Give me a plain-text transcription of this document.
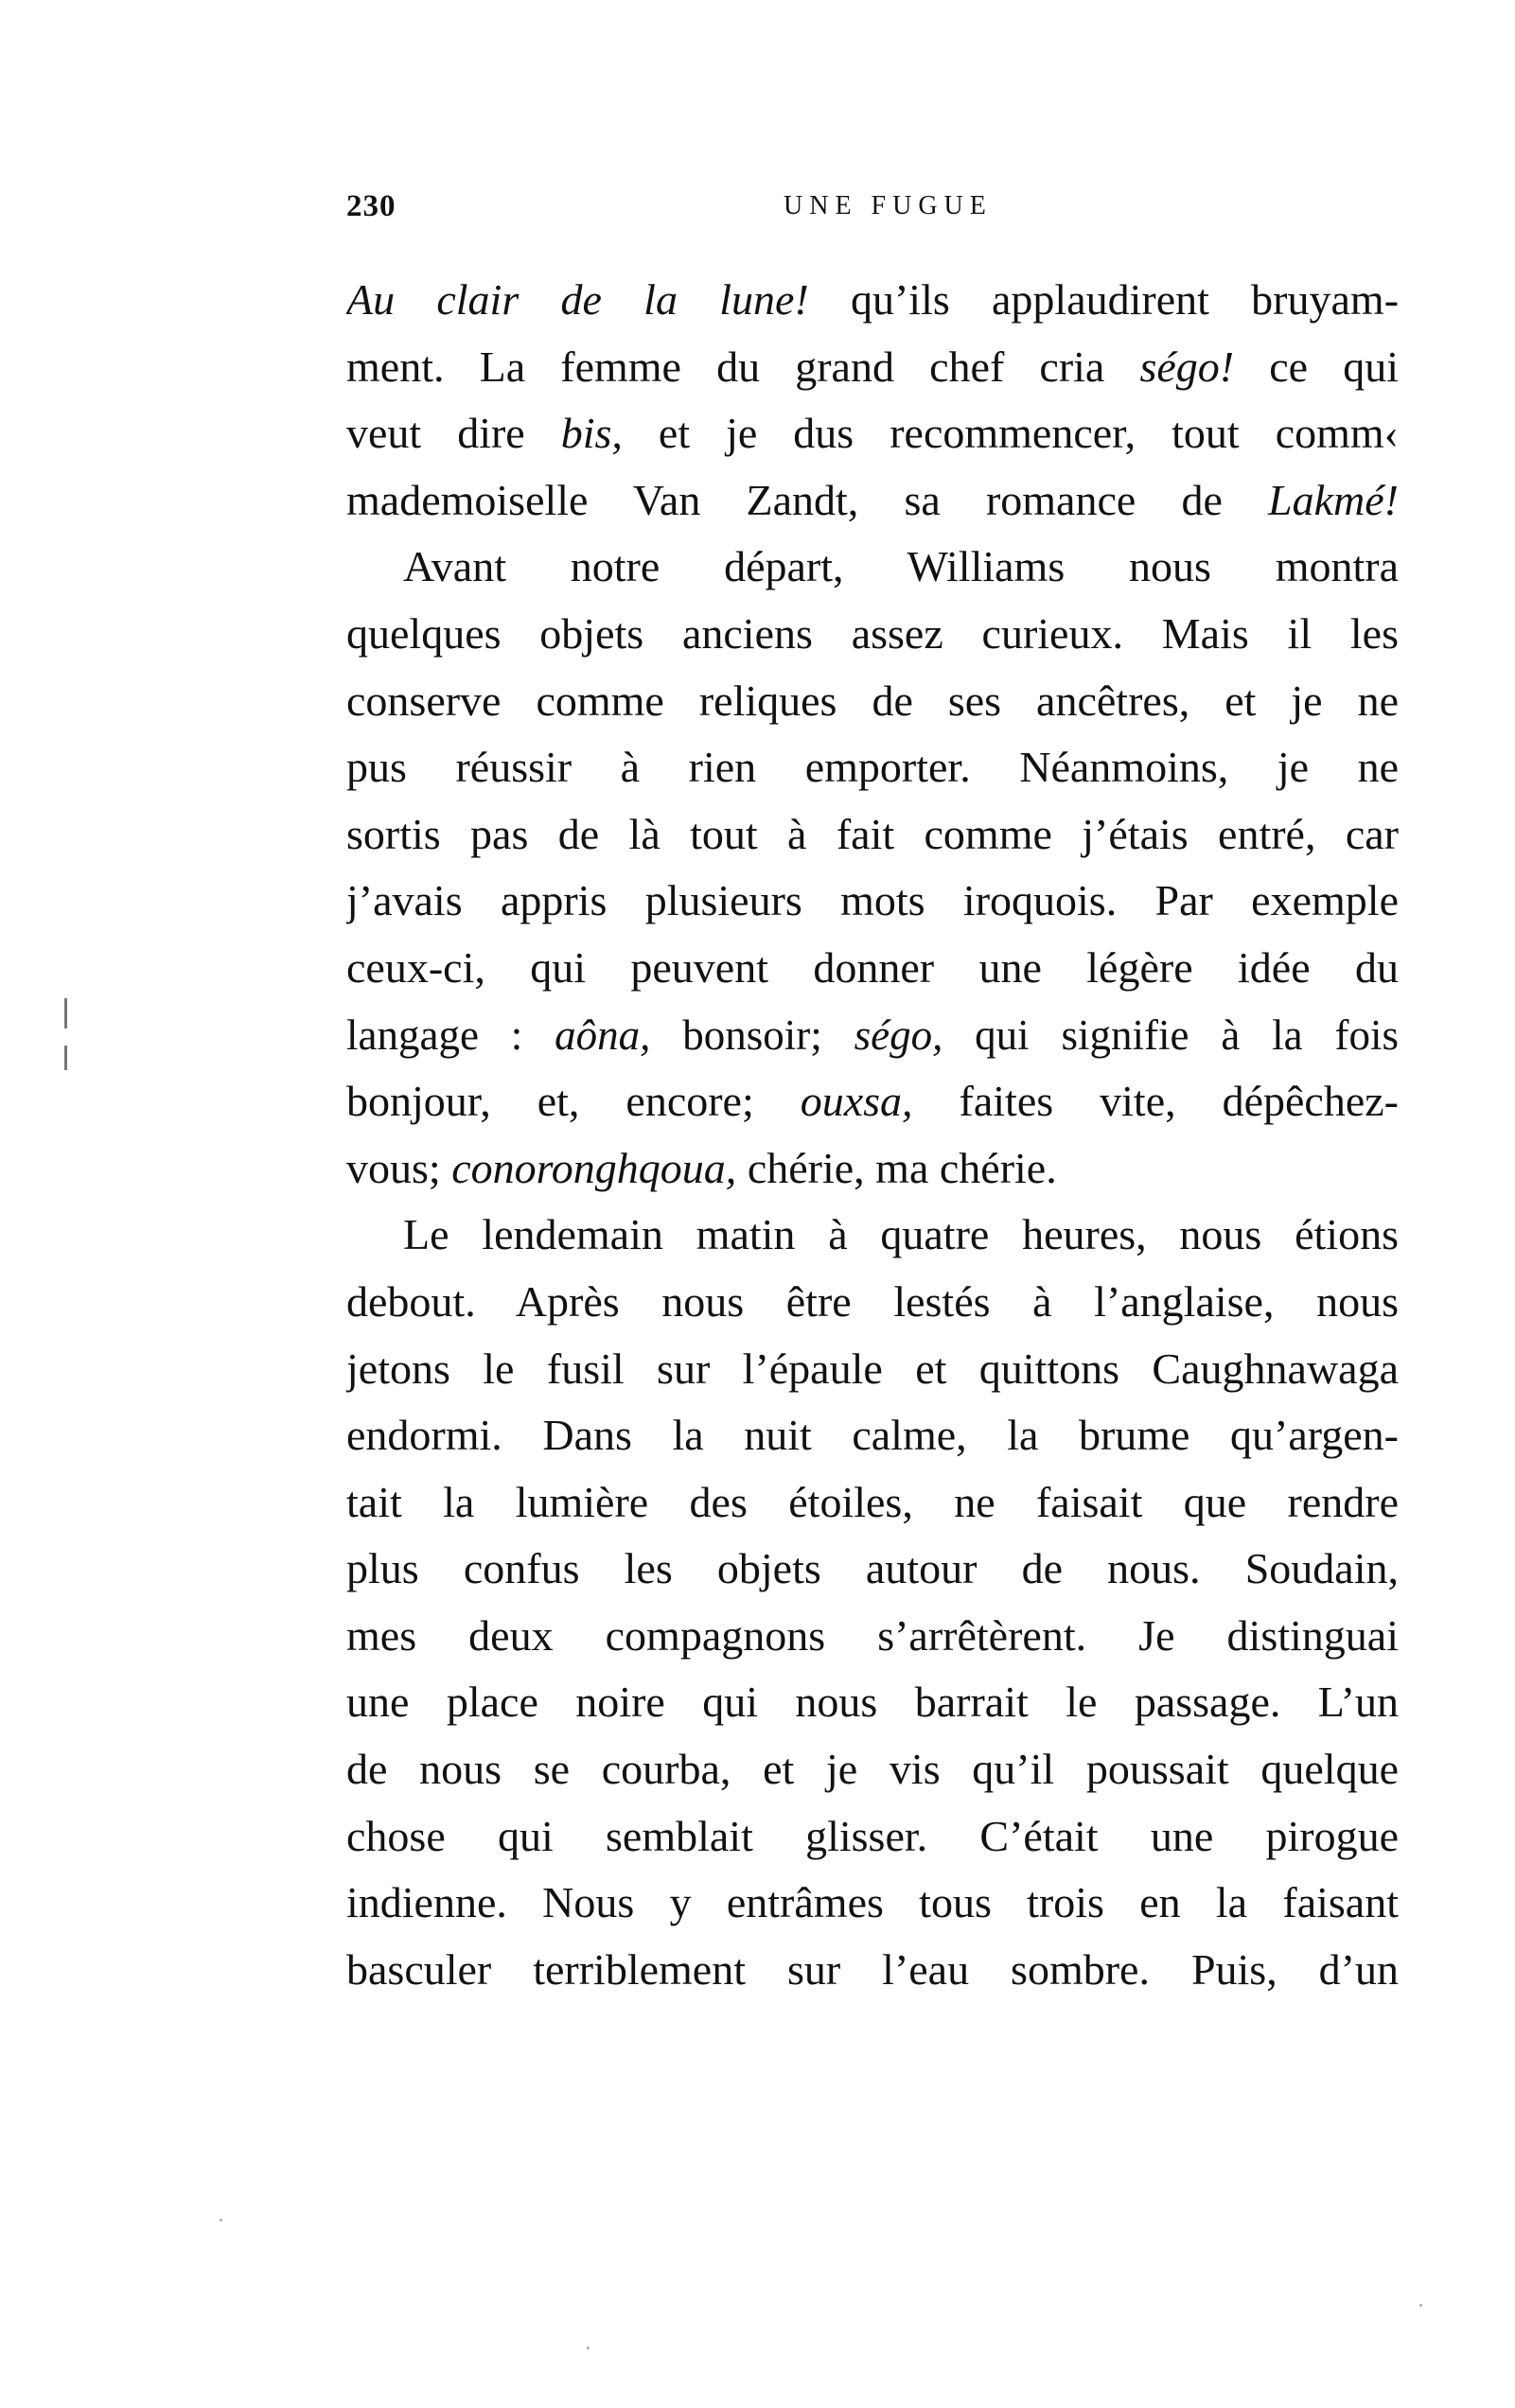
230	UNE FUGUE
Au clair de la lune! qu’ils applaudirent bruyam-
ment. La femme du grand chef cria ségo! ce qui
veut dire bis, et je dus recommencer, tout comm‹
mademoiselle Van Zandt, sa romance de Lakmé!
Avant notre départ, Williams nous montra
quelques objets anciens assez curieux. Mais il les
conserve comme reliques de ses ancêtres, et je ne
pus réussir à rien emporter. Néanmoins, je ne
sortis pas de là tout à fait comme j’étais entré, car
j’avais appris plusieurs mots iroquois. Par exemple
ceux-ci, qui peuvent donner une légère idée du
langage : aôna, bonsoir; ségo, qui signifie à la fois
bonjour, et, encore; ouxsa, faites vite, dépêchez-
vous; conoronghqoua, chérie, ma chérie.
Le lendemain matin à quatre heures, nous étions
debout. Après nous être lestés à l’anglaise, nous
jetons le fusil sur l’épaule et quittons Caughnawaga
endormi. Dans la nuit calme, la brume qu’argen-
tait la lumière des étoiles, ne faisait que rendre
plus confus les objets autour de nous. Soudain,
mes deux compagnons s’arrêtèrent. Je distinguai
une place noire qui nous barrait le passage. L’un
de nous se courba, et je vis qu’il poussait quelque
chose qui semblait glisser. C’était une pirogue
indienne. Nous y entrâmes tous trois en la faisant
basculer terriblement sur l’eau sombre. Puis, d’un
